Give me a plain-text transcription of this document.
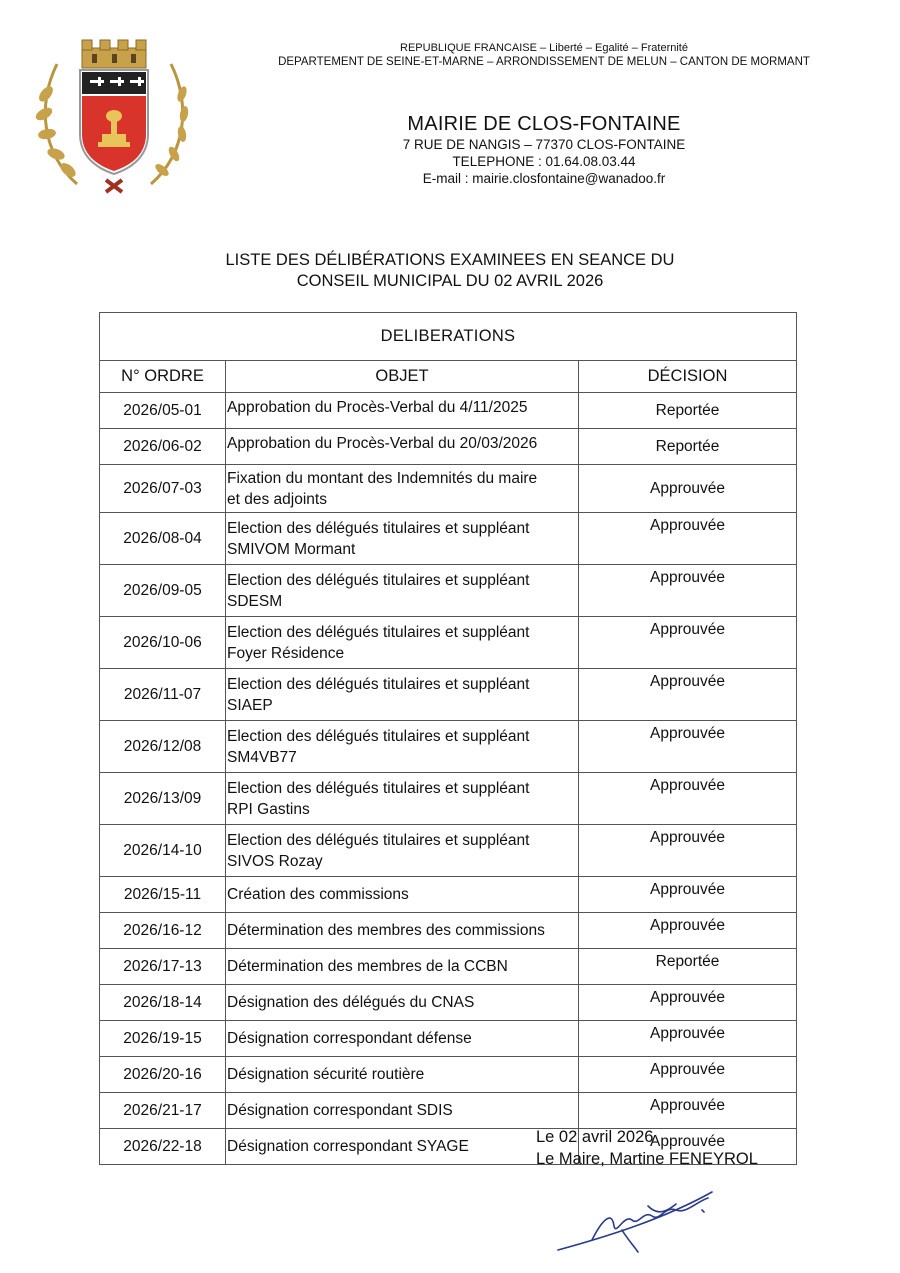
REPUBLIQUE FRANCAISE – Liberté – Egalité – Fraternité
DEPARTEMENT DE SEINE-ET-MARNE – ARRONDISSEMENT DE MELUN – CANTON DE MORMANT
MAIRIE DE CLOS-FONTAINE
7 RUE DE NANGIS – 77370 CLOS-FONTAINE
TELEPHONE : 01.64.08.03.44
E-mail : mairie.closfontaine@wanadoo.fr
LISTE DES DÉLIBÉRATIONS EXAMINEES EN SEANCE DU
CONSEIL MUNICIPAL DU 02 AVRIL 2026
DELIBERATIONS		
N° ORDRE	OBJET	DÉCISION
2026/05-01	Approbation du Procès-Verbal du 4/11/2025	Reportée
2026/06-02	Approbation du Procès-Verbal du 20/03/2026	Reportée
2026/07-03	Fixation du montant des Indemnités du maire
et des adjoints	Approuvée
2026/08-04	Election des délégués titulaires et suppléant
SMIVOM Mormant	Approuvée
2026/09-05	Election des délégués titulaires et suppléant
SDESM	Approuvée
2026/10-06	Election des délégués titulaires et suppléant
Foyer Résidence	Approuvée
2026/11-07	Election des délégués titulaires et suppléant
SIAEP	Approuvée
2026/12/08	Election des délégués titulaires et suppléant
SM4VB77	Approuvée
2026/13/09	Election des délégués titulaires et suppléant
RPI Gastins	Approuvée
2026/14-10	Election des délégués titulaires et suppléant
SIVOS Rozay	Approuvée
2026/15-11	Création des commissions	Approuvée
2026/16-12	Détermination des membres des commissions	Approuvée
2026/17-13	Détermination des membres de la CCBN	Reportée
2026/18-14	Désignation des délégués du CNAS	Approuvée
2026/19-15	Désignation correspondant défense	Approuvée
2026/20-16	Désignation sécurité routière	Approuvée
2026/21-17	Désignation correspondant SDIS	Approuvée
2026/22-18	Désignation correspondant SYAGE	Approuvée
Le 02 avril 2026
Le Maire, Martine FENEYROL
